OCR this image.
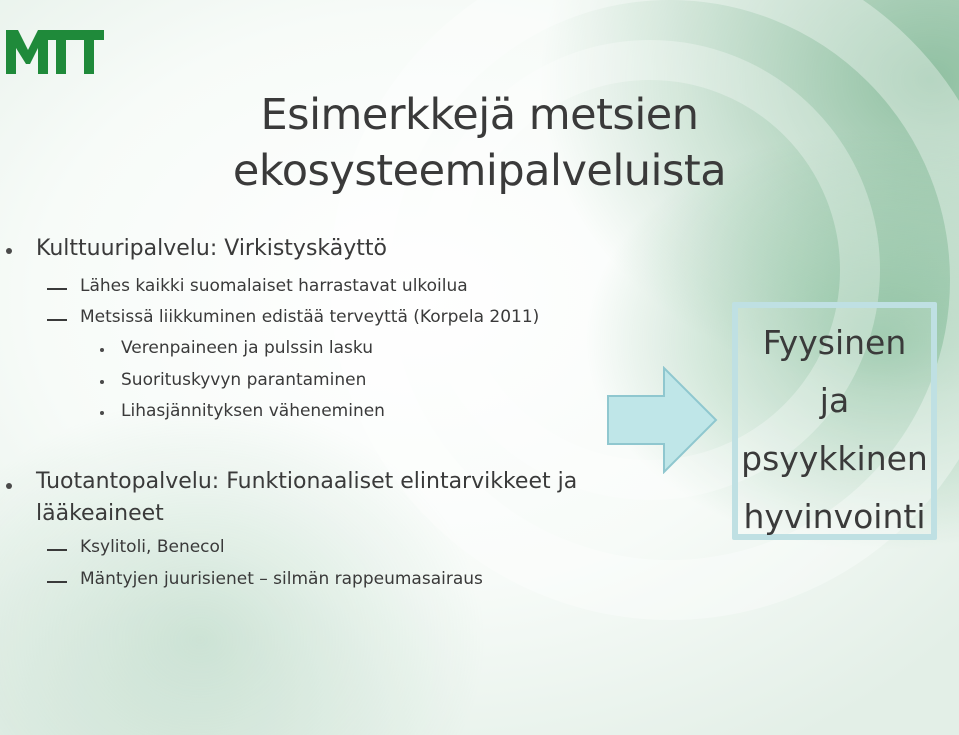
Esimerkkejä metsien
ekosysteemipalveluista
Kulttuuripalvelu: Virkistyskäyttö
Lähes kaikki suomalaiset harrastavat ulkoilua
Metsissä liikkuminen edistää terveyttä (Korpela 2011)
Verenpaineen ja pulssin lasku
Suorituskyvyn parantaminen
Lihasjännityksen väheneminen
Tuotantopalvelu: Funktionaaliset elintarvikkeet ja
lääkeaineet
Ksylitoli, Benecol
Mäntyjen juurisienet – silmän rappeumasairaus
Fyysinen
ja
psyykkinen
hyvinvointi
